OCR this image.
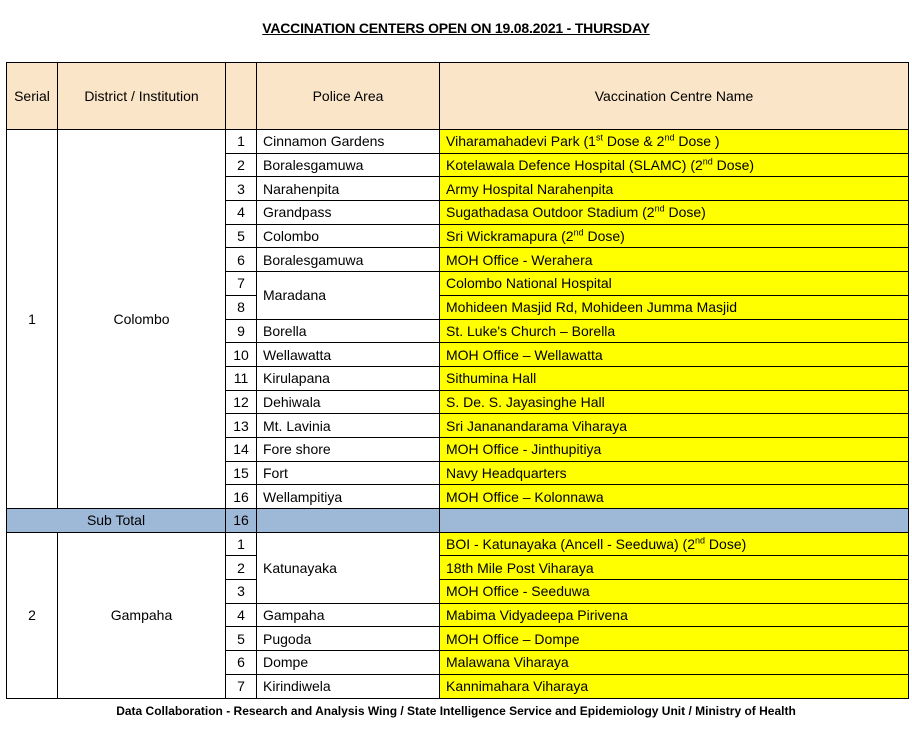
VACCINATION CENTERS OPEN ON 19.08.2021 - THURSDAY
Serial	District / Institution		Police Area	Vaccination Centre Name
1	Colombo	1	Cinnamon Gardens	Viharamahadevi Park (1st Dose & 2nd Dose )
		2	Boralesgamuwa	Kotelawala Defence Hospital (SLAMC) (2nd Dose)
		3	Narahenpita	Army Hospital Narahenpita
		4	Grandpass	Sugathadasa Outdoor Stadium (2nd Dose)
		5	Colombo	Sri Wickramapura (2nd Dose)
		6	Boralesgamuwa	MOH Office - Werahera
		7	Maradana	Colombo National Hospital
		8		Mohideen Masjid Rd, Mohideen Jumma Masjid
		9	Borella	St. Luke's Church – Borella
		10	Wellawatta	MOH Office – Wellawatta
		11	Kirulapana	Sithumina Hall
		12	Dehiwala	S. De. S. Jayasinghe Hall
		13	Mt. Lavinia	Sri Jananandarama Viharaya
		14	Fore shore	MOH Office - Jinthupitiya
		15	Fort	Navy Headquarters
		16	Wellampitiya	MOH Office – Kolonnawa
Sub Total		16		
2	Gampaha	1	Katunayaka	BOI - Katunayaka (Ancell - Seeduwa) (2nd Dose)
		2		18th Mile Post Viharaya
		3		MOH Office - Seeduwa
		4	Gampaha	Mabima Vidyadeepa Pirivena
		5	Pugoda	MOH Office – Dompe
		6	Dompe	Malawana Viharaya
		7	Kirindiwela	Kannimahara Viharaya
Data Collaboration - Research and Analysis Wing / State Intelligence Service and Epidemiology Unit / Ministry of Health
